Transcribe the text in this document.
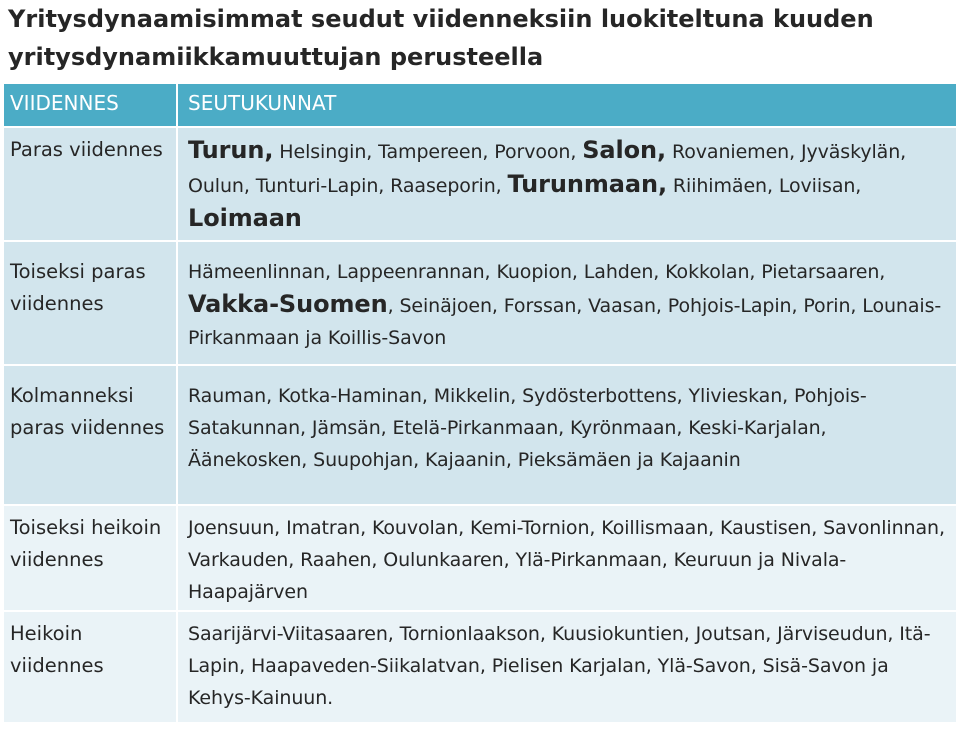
Yritysdynaamisimmat seudut viidenneksiin luokiteltuna kuuden
yritysdynamiikkamuuttujan perusteella
VIIDENNES	SEUTUKUNNAT
Paras viidennes	Turun, Helsingin, Tampereen, Porvoon, Salon, Rovaniemen, Jyväskylän, Oulun, Tunturi-Lapin, Raaseporin, Turunmaan, Riihimäen, Loviisan, Loimaan
Toiseksi paras viidennes
Hämeenlinnan, Lappeenrannan, Kuopion, Lahden, Kokkolan, Pietarsaaren, Vakka-Suomen, Seinäjoen, Forssan, Vaasan, Pohjois-Lapin, Porin, Lounais-Pirkanmaan ja Koillis-Savon
Kolmanneksi paras viidennes
Rauman, Kotka-Haminan, Mikkelin, Sydösterbottens, Ylivieskan, Pohjois-Satakunnan, Jämsän, Etelä-Pirkanmaan, Kyrönmaan, Keski-Karjalan, Äänekosken, Suupohjan, Kajaanin, Pieksämäen ja Kajaanin
Toiseksi heikoin viidennes
Joensuun, Imatran, Kouvolan, Kemi-Tornion, Koillismaan, Kaustisen, Savonlinnan, Varkauden, Raahen, Oulunkaaren, Ylä-Pirkanmaan, Keuruun ja Nivala-Haapajärven
Heikoin viidennes
Saarijärvi-Viitasaaren, Tornionlaakson, Kuusiokuntien, Joutsan, Järviseudun, Itä-Lapin, Haapaveden-Siikalatvan, Pielisen Karjalan, Ylä-Savon, Sisä-Savon ja Kehys-Kainuun.
